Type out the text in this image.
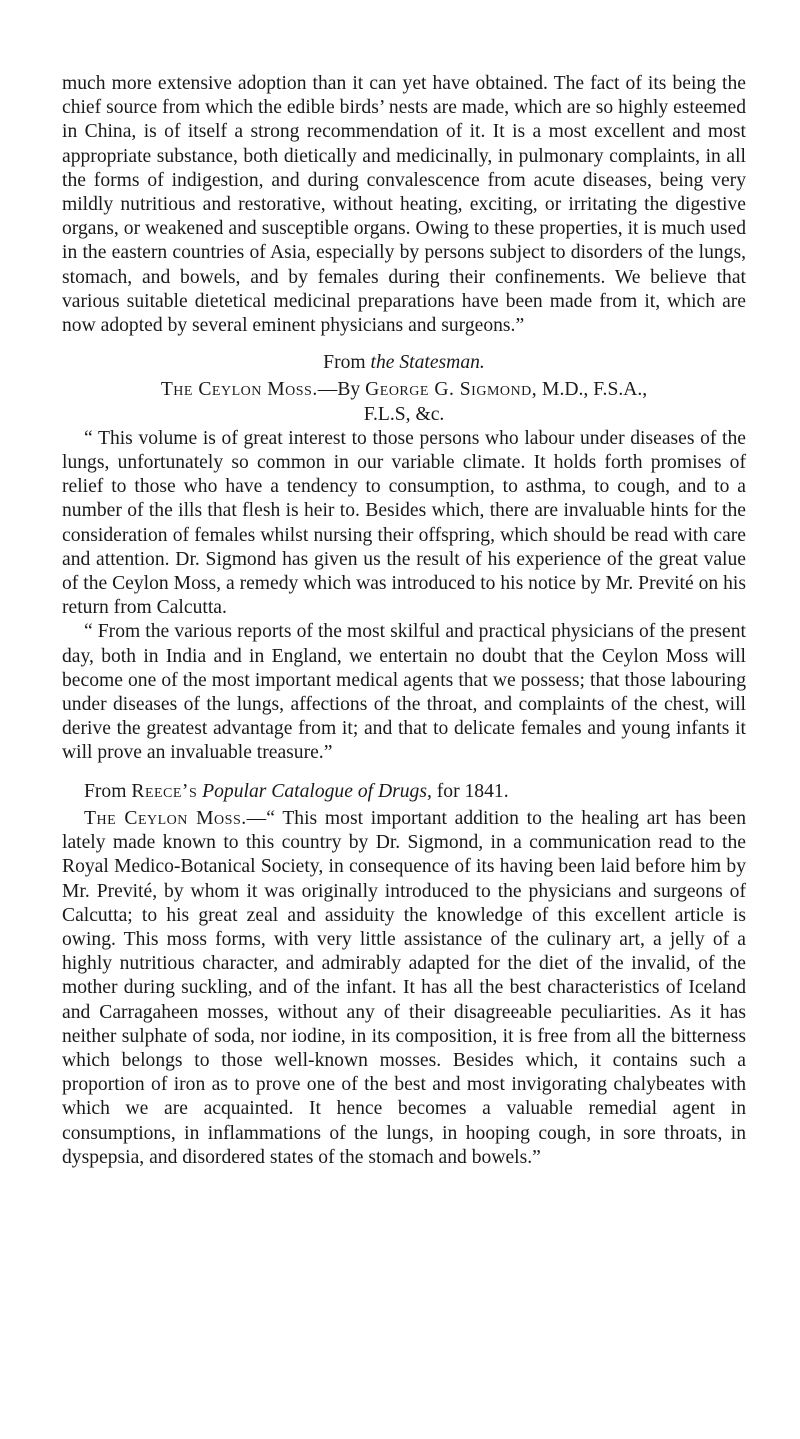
much more extensive adoption than it can yet have obtained. The fact of its being the chief source from which the edible birds’ nests are made, which are so highly esteemed in China, is of itself a strong recommendation of it. It is a most excellent and most appropriate substance, both dietically and medicinally, in pulmonary complaints, in all the forms of indigestion, and during convalescence from acute diseases, being very mildly nutritious and restorative, without heating, exciting, or irritating the digestive organs, or weakened and susceptible organs. Owing to these properties, it is much used in the eastern countries of Asia, especially by persons subject to disorders of the lungs, stomach, and bowels, and by females during their confinements. We believe that various suitable dietetical medicinal preparations have been made from it, which are now adopted by several eminent physicians and surgeons.”

From the Statesman.
The Ceylon Moss.—By George G. Sigmond, M.D., F.S.A.,
F.L.S, &c.

“ This volume is of great interest to those persons who labour under diseases of the lungs, unfortunately so common in our variable climate. It holds forth promises of relief to those who have a tendency to consumption, to asthma, to cough, and to a number of the ills that flesh is heir to. Besides which, there are invaluable hints for the consideration of females whilst nursing their offspring, which should be read with care and attention. Dr. Sigmond has given us the result of his experience of the great value of the Ceylon Moss, a remedy which was introduced to his notice by Mr. Previté on his return from Calcutta.

“ From the various reports of the most skilful and practical physicians of the present day, both in India and in England, we entertain no doubt that the Ceylon Moss will become one of the most important medical agents that we possess; that those labouring under diseases of the lungs, affections of the throat, and complaints of the chest, will derive the greatest advantage from it; and that to delicate females and young infants it will prove an invaluable treasure.”

From Reece’s Popular Catalogue of Drugs, for 1841.

The Ceylon Moss.—“ This most important addition to the healing art has been lately made known to this country by Dr. Sigmond, in a communication read to the Royal Medico-Botanical Society, in consequence of its having been laid before him by Mr. Previté, by whom it was originally introduced to the physicians and surgeons of Calcutta; to his great zeal and assiduity the knowledge of this excellent article is owing. This moss forms, with very little assistance of the culinary art, a jelly of a highly nutritious character, and admirably adapted for the diet of the invalid, of the mother during suckling, and of the infant. It has all the best characteristics of Iceland and Carragaheen mosses, without any of their disagreeable peculiarities. As it has neither sulphate of soda, nor iodine, in its composition, it is free from all the bitterness which belongs to those well-known mosses. Besides which, it contains such a proportion of iron as to prove one of the best and most invigorating chalybeates with which we are acquainted. It hence becomes a valuable remedial agent in consumptions, in inflammations of the lungs, in hooping cough, in sore throats, in dyspepsia, and disordered states of the stomach and bowels.”
